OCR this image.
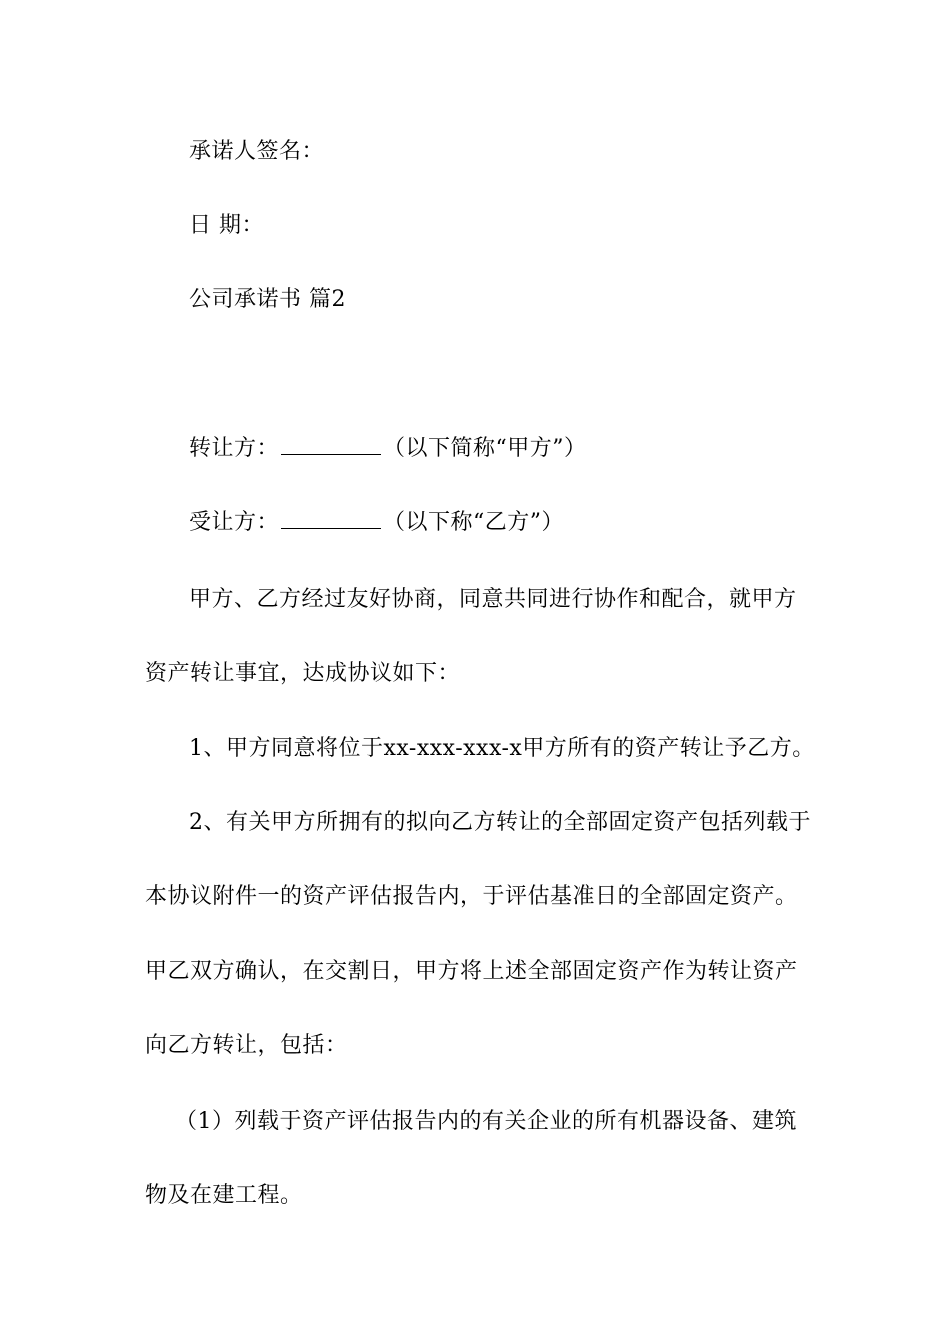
承诺人签名：
日 期：
公司承诺书 篇2
转让方：	（以下简称“甲方”）
受让方：	（以下称“乙方”）
甲方、乙方经过友好协商，同意共同进行协作和配合，就甲方
资产转让事宜，达成协议如下：
1、甲方同意将位于xx-xxx-xxx-x甲方所有的资产转让予乙方。
2、有关甲方所拥有的拟向乙方转让的全部固定资产包括列载于
本协议附件一的资产评估报告内，于评估基准日的全部固定资产。
甲乙双方确认，在交割日，甲方将上述全部固定资产作为转让资产
向乙方转让，包括：
（1）列载于资产评估报告内的有关企业的所有机器设备、建筑
物及在建工程。
